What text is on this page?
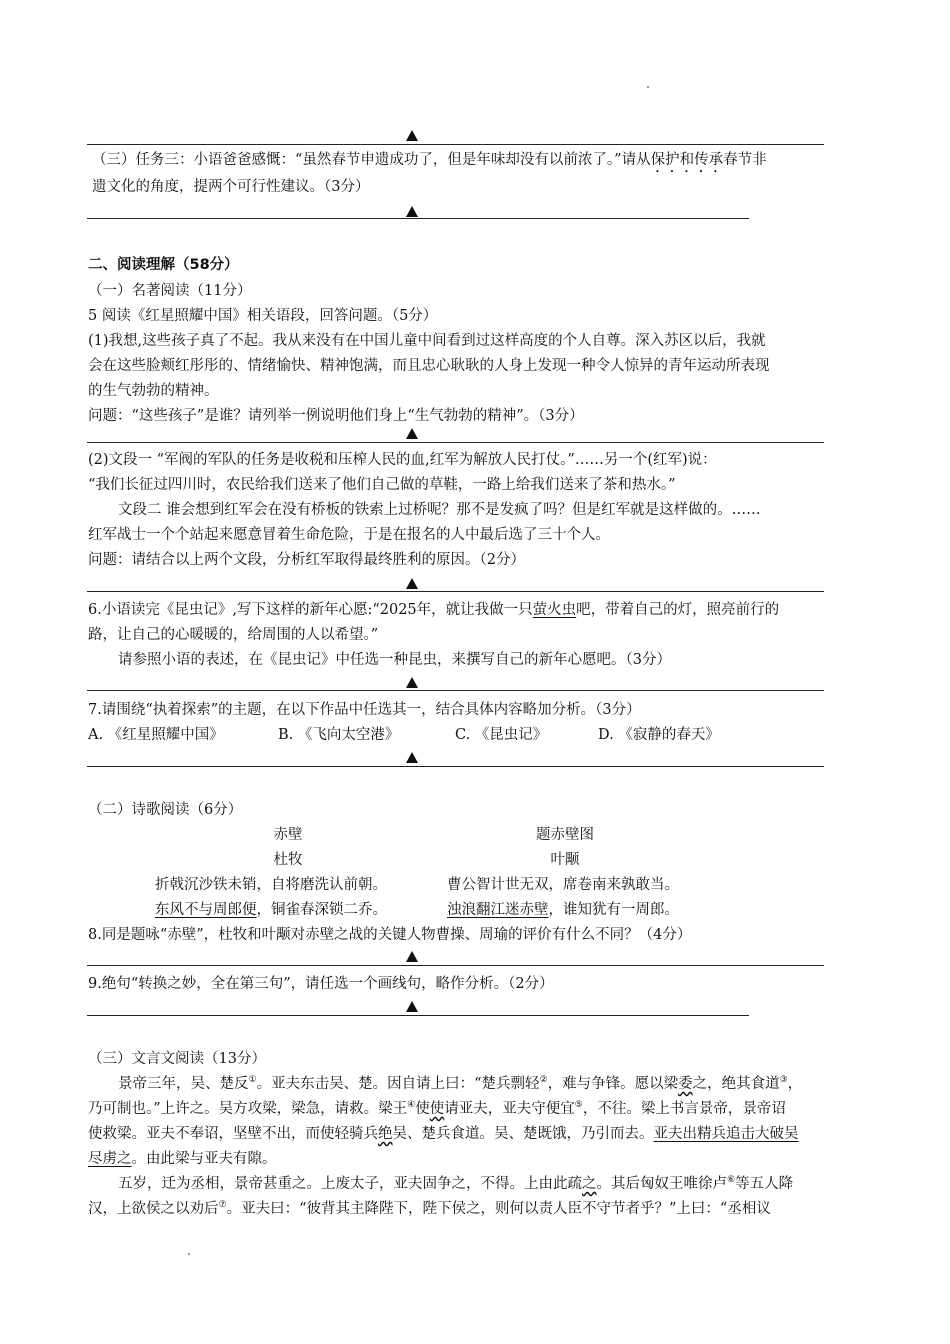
（三）任务三：小语爸爸感慨：“虽然春节申遗成功了，但是年味却没有以前浓了。”请从保护和传承春节非
遗文化的角度，提两个可行性建议。（3分）
二、阅读理解（58分）
（一）名著阅读（11分）
5 阅读《红星照耀中国》相关语段，回答问题。（5分）
(1)我想,这些孩子真了不起。我从来没有在中国儿童中间看到过这样高度的个人自尊。深入苏区以后，我就
会在这些脸颊红彤彤的、情绪愉快、精神饱满，而且忠心耿耿的人身上发现一种令人惊异的青年运动所表现
的生气勃勃的精神。
问题：“这些孩子”是谁？请列举一例说明他们身上“生气勃勃的精神”。（3分）
(2)文段一 “军阀的军队的任务是收税和压榨人民的血,红军为解放人民打仗。”……另一个(红军)说：
“我们长征过四川时，农民给我们送来了他们自己做的草鞋，一路上给我们送来了茶和热水。”
文段二 谁会想到红军会在没有桥板的铁索上过桥呢？那不是发疯了吗？但是红军就是这样做的。……
红军战士一个个站起来愿意冒着生命危险，于是在报名的人中最后选了三十个人。
问题：请结合以上两个文段，分析红军取得最终胜利的原因。（2分）
6.小语读完《昆虫记》,写下这样的新年心愿:“2025年，就让我做一只萤火虫吧，带着自己的灯，照亮前行的
路，让自己的心暖暖的，给周围的人以希望。”
请参照小语的表述，在《昆虫记》中任选一种昆虫，来撰写自己的新年心愿吧。（3分）
7.请围绕“执着探索”的主题，在以下作品中任选其一，结合具体内容略加分析。（3分）
A. 《红星照耀中国》	B. 《飞向太空港》	C. 《昆虫记》	D. 《寂静的春天》
（二）诗歌阅读（6分）
赤壁	题赤壁图
杜牧	叶颙
折戟沉沙铁未销，自将磨洗认前朝。	曹公智计世无双，席卷南来孰敢当。
东风不与周郎便，铜雀春深锁二乔。	浊浪翻江迷赤壁，谁知犹有一周郎。
8.同是题咏“赤壁”，杜牧和叶颙对赤壁之战的关键人物曹操、周瑜的评价有什么不同？（4分）
9.绝句“转换之妙，全在第三句”，请任选一个画线句，略作分析。（2分）
（三）文言文阅读（13分）
景帝三年，吴、楚反①。亚夫东击吴、楚。因自请上曰：“楚兵剽轻②，难与争锋。愿以梁委之，绝其食道③，
乃可制也。”上许之。吴方攻梁，梁急，请救。梁王④使使请亚夫，亚夫守便宜⑤，不往。梁上书言景帝，景帝诏
使救梁。亚夫不奉诏，坚壁不出，而使轻骑兵绝吴、楚兵食道。吴、楚既饿，乃引而去。亚夫出精兵追击大破吴
尽虏之。由此梁与亚夫有隙。
五岁，迁为丞相，景帝甚重之。上废太子，亚夫固争之，不得。上由此疏之。其后匈奴王唯徐卢⑥等五人降
汉，上欲侯之以劝后⑦。亚夫曰：“彼背其主降陛下，陛下侯之，则何以责人臣不守节者乎？”上曰：“丞相议
